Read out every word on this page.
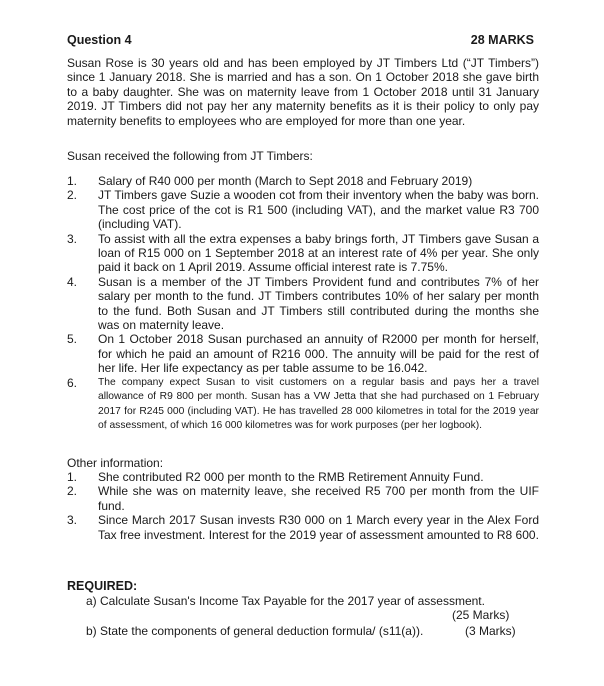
Question 4	28 MARKS
Susan Rose is 30 years old and has been employed by JT Timbers Ltd (“JT Timbers”) since 1 January 2018. She is married and has a son. On 1 October 2018 she gave birth to a baby daughter. She was on maternity leave from 1 October 2018 until 31 January 2019. JT Timbers did not pay her any maternity benefits as it is their policy to only pay maternity benefits to employees who are employed for more than one year.
Susan received the following from JT Timbers:
1. Salary of R40 000 per month (March to Sept 2018 and February 2019)
2. JT Timbers gave Suzie a wooden cot from their inventory when the baby was born. The cost price of the cot is R1 500 (including VAT), and the market value R3 700 (including VAT).
3. To assist with all the extra expenses a baby brings forth, JT Timbers gave Susan a loan of R15 000 on 1 September 2018 at an interest rate of 4% per year. She only paid it back on 1 April 2019. Assume official interest rate is 7.75%.
4. Susan is a member of the JT Timbers Provident fund and contributes 7% of her salary per month to the fund. JT Timbers contributes 10% of her salary per month to the fund. Both Susan and JT Timbers still contributed during the months she was on maternity leave.
5. On 1 October 2018 Susan purchased an annuity of R2000 per month for herself, for which he paid an amount of R216 000. The annuity will be paid for the rest of her life. Her life expectancy as per table assume to be 16.042.
6. The company expect Susan to visit customers on a regular basis and pays her a travel allowance of R9 800 per month. Susan has a VW Jetta that she had purchased on 1 February 2017 for R245 000 (including VAT). He has travelled 28 000 kilometres in total for the 2019 year of assessment, of which 16 000 kilometres was for work purposes (per her logbook).
Other information:
1. She contributed R2 000 per month to the RMB Retirement Annuity Fund.
2. While she was on maternity leave, she received R5 700 per month from the UIF fund.
3. Since March 2017 Susan invests R30 000 on 1 March every year in the Alex Ford Tax free investment. Interest for the 2019 year of assessment amounted to R8 600.
REQUIRED:
a) Calculate Susan's Income Tax Payable for the 2017 year of assessment.
(25 Marks)
b) State the components of general deduction formula/ (s11(a)).	(3 Marks)
